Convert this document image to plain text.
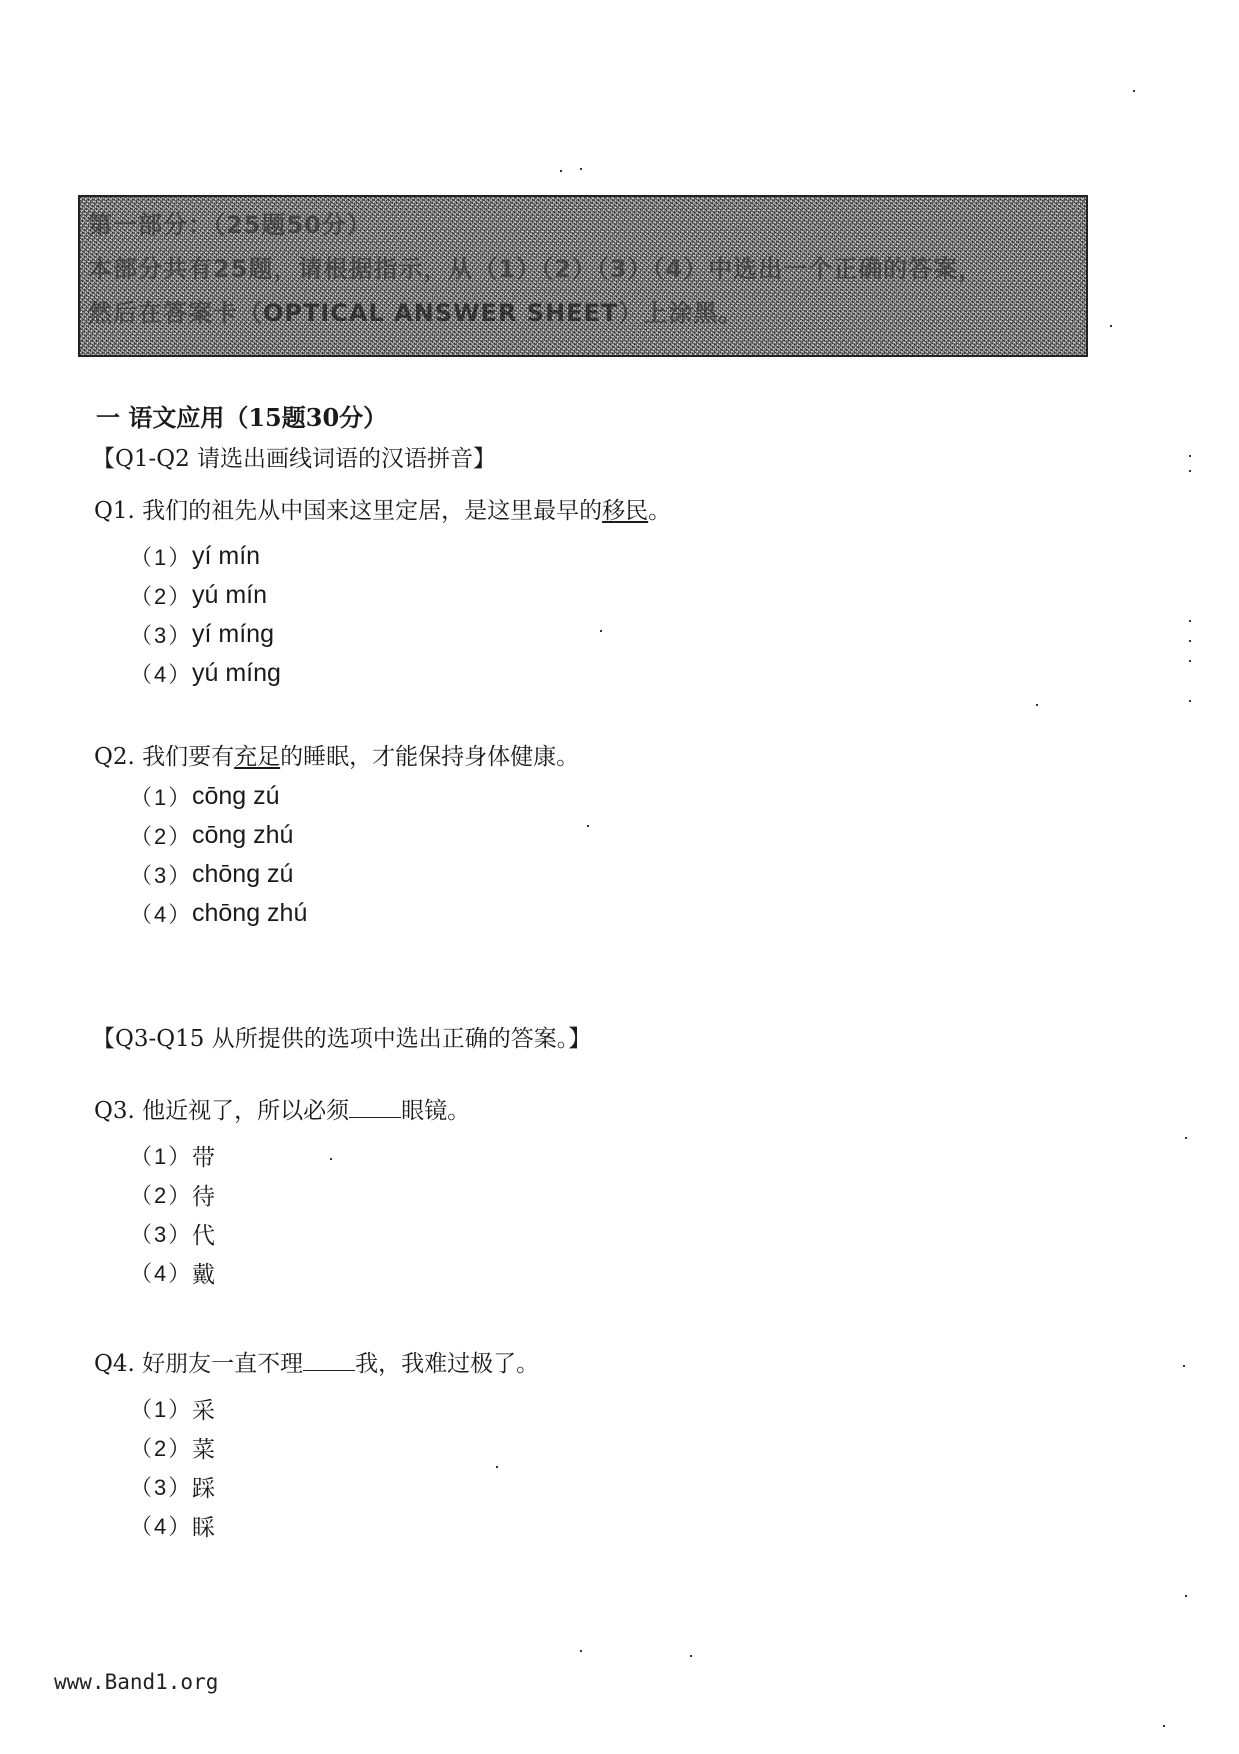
第一部分：（25题50分）
本部分共有25题，请根据指示，从（1）（2）（3）（4）中选出一个正确的答案，
然后在答案卡（OPTICAL ANSWER SHEET）上涂黑。
一 语文应用（15题30分）
【Q1-Q2 请选出画线词语的汉语拼音】
Q1. 我们的祖先从中国来这里定居，是这里最早的移民。
（1） yí mín
（2） yú mín
（3） yí míng
（4） yú míng
Q2. 我们要有充足的睡眠，才能保持身体健康。
（1） cōng zú
（2） cōng zhú
（3） chōng zú
（4） chōng zhú
【Q3-Q15 从所提供的选项中选出正确的答案。】
Q3. 他近视了，所以必须 眼镜。
（1） 带
（2） 待
（3） 代
（4） 戴
Q4. 好朋友一直不理 我，我难过极了。
（1） 采
（2） 菜
（3） 踩
（4） 睬
www.Band1.org
